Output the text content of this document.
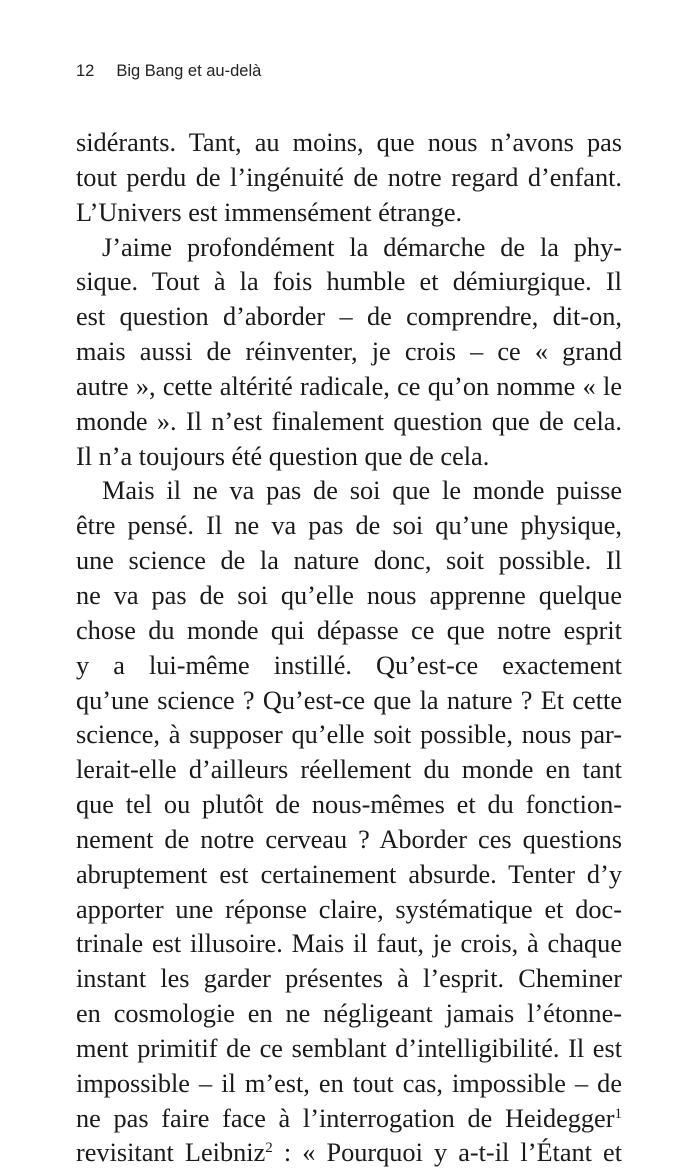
12 Big Bang et au-delà
sidérants. Tant, au moins, que nous n’avons pas
tout perdu de l’ingénuité de notre regard d’enfant.
L’Univers est immensément étrange.
J’aime profondément la démarche de la phy-
sique. Tout à la fois humble et démiurgique. Il
est question d’aborder – de comprendre, dit-on,
mais aussi de réinventer, je crois – ce « grand
autre », cette altérité radicale, ce qu’on nomme « le
monde ». Il n’est finalement question que de cela.
Il n’a toujours été question que de cela.
Mais il ne va pas de soi que le monde puisse
être pensé. Il ne va pas de soi qu’une physique,
une science de la nature donc, soit possible. Il
ne va pas de soi qu’elle nous apprenne quelque
chose du monde qui dépasse ce que notre esprit
y a lui-même instillé. Qu’est-ce exactement
qu’une science ? Qu’est-ce que la nature ? Et cette
science, à supposer qu’elle soit possible, nous par-
lerait-elle d’ailleurs réellement du monde en tant
que tel ou plutôt de nous-mêmes et du fonction-
nement de notre cerveau ? Aborder ces questions
abruptement est certainement absurde. Tenter d’y
apporter une réponse claire, systématique et doc-
trinale est illusoire. Mais il faut, je crois, à chaque
instant les garder présentes à l’esprit. Cheminer
en cosmologie en ne négligeant jamais l’étonne-
ment primitif de ce semblant d’intelligibilité. Il est
impossible – il m’est, en tout cas, impossible – de
ne pas faire face à l’interrogation de Heidegger$^1$
revisitant Leibniz$^2$ : « Pourquoi y a-t-il l’Étant et
